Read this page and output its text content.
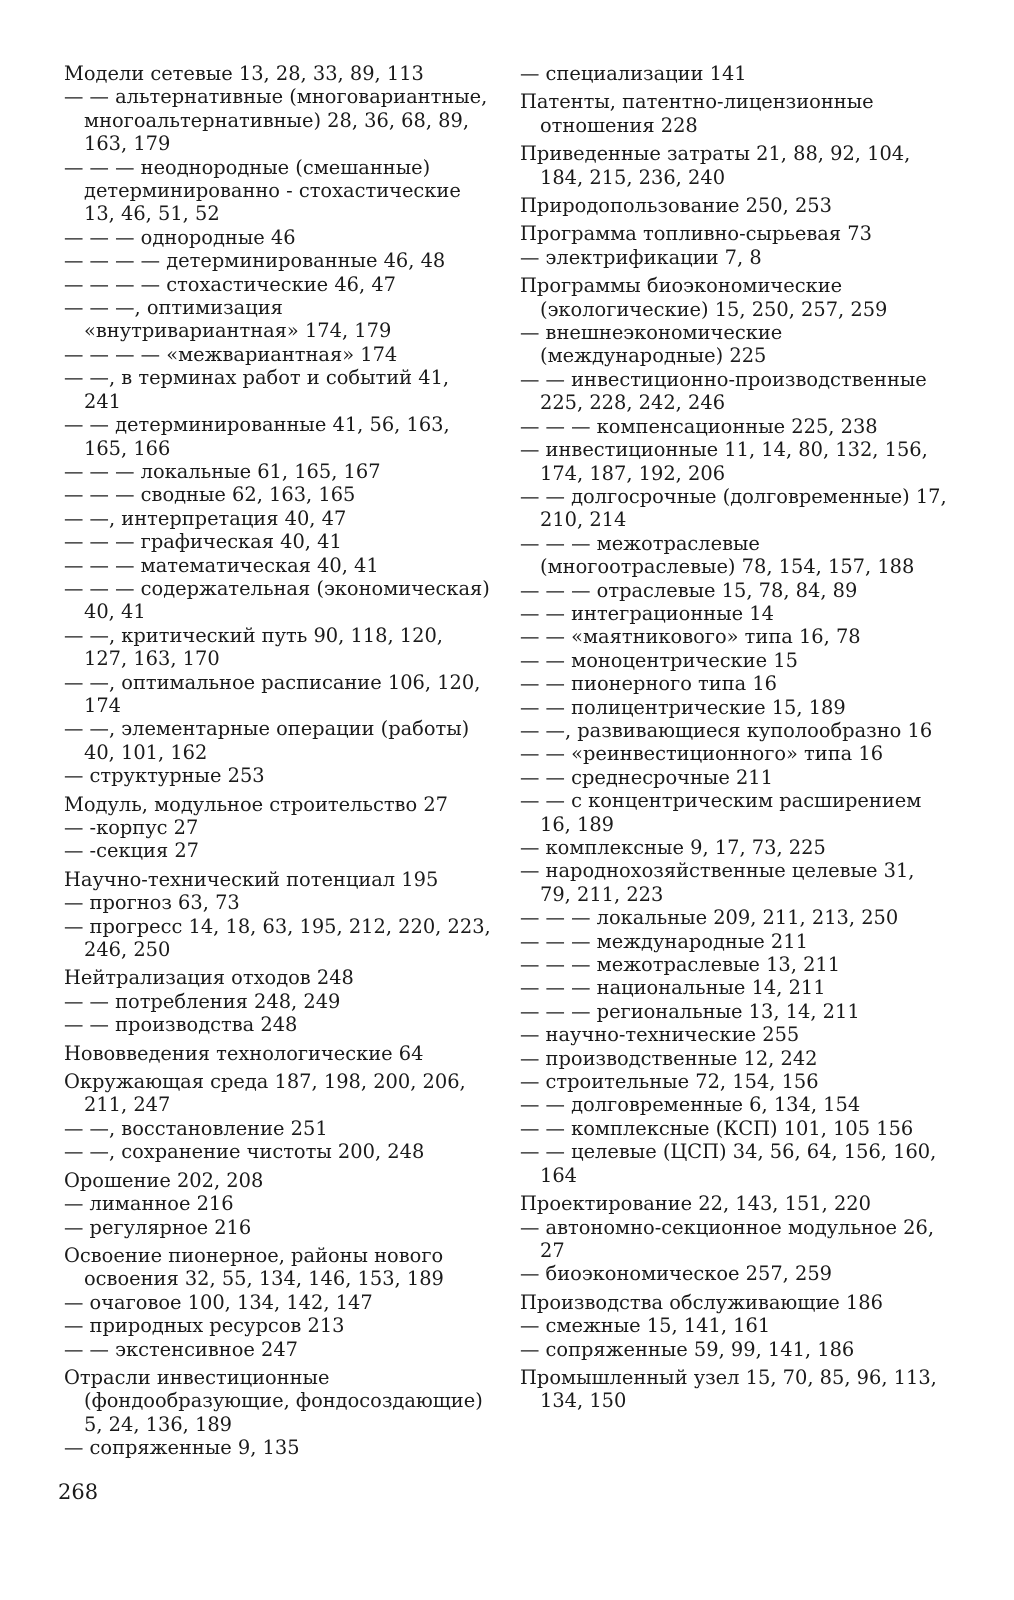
Модели сетевые 13, 28, 33, 89, 113

— — альтернативные (многовариантные, многоальтернативные) 28, 36, 68, 89, 163, 179

— — — неоднородные (смешанные) детерминированно - стохастические 13, 46, 51, 52

— — — однородные 46

— — — — детерминированные 46, 48

— — — — стохастические 46, 47

— — —, оптимизация «внутривариантная» 174, 179

— — — — «межвариантная» 174

— —, в терминах работ и событий 41, 241

— — детерминированные 41, 56, 163, 165, 166

— — — локальные 61, 165, 167

— — — сводные 62, 163, 165

— —, интерпретация 40, 47

— — — графическая 40, 41

— — — математическая 40, 41

— — — содержательная (экономическая) 40, 41

— —, критический путь 90, 118, 120, 127, 163, 170

— —, оптимальное расписание 106, 120, 174

— —, элементарные операции (работы) 40, 101, 162

— структурные 253

Модуль, модульное строительство 27

— -корпус 27

— -секция 27

Научно-технический потенциал 195

— прогноз 63, 73

— прогресс 14, 18, 63, 195, 212, 220, 223, 246, 250

Нейтрализация отходов 248

— — потребления 248, 249

— — производства 248

Нововведения технологические 64

Окружающая среда 187, 198, 200, 206, 211, 247

— —, восстановление 251

— —, сохранение чистоты 200, 248

Орошение 202, 208

— лиманное 216

— регулярное 216

Освоение пионерное, районы нового освоения 32, 55, 134, 146, 153, 189

— очаговое 100, 134, 142, 147

— природных ресурсов 213

— — экстенсивное 247

Отрасли инвестиционные (фондообразующие, фондосоздающие) 5, 24, 136, 189

— сопряженные 9, 135

— специализации 141

Патенты, патентно-лицензионные отношения 228

Приведенные затраты 21, 88, 92, 104, 184, 215, 236, 240

Природопользование 250, 253

Программа топливно-сырьевая 73

— электрификации 7, 8

Программы биоэкономические (экологические) 15, 250, 257, 259

— внешнеэкономические (международные) 225

— — инвестиционно-производственные 225, 228, 242, 246

— — — компенсационные 225, 238

— инвестиционные 11, 14, 80, 132, 156, 174, 187, 192, 206

— — долгосрочные (долговременные) 17, 210, 214

— — — межотраслевые (многоотраслевые) 78, 154, 157, 188

— — — отраслевые 15, 78, 84, 89

— — интеграционные 14

— — «маятникового» типа 16, 78

— — моноцентрические 15

— — пионерного типа 16

— — полицентрические 15, 189

— —, развивающиеся куполообразно 16

— — «реинвестиционного» типа 16

— — среднесрочные 211

— — с концентрическим расширением 16, 189

— комплексные 9, 17, 73, 225

— народнохозяйственные целевые 31, 79, 211, 223

— — — локальные 209, 211, 213, 250

— — — международные 211

— — — межотраслевые 13, 211

— — — национальные 14, 211

— — — региональные 13, 14, 211

— научно-технические 255

— производственные 12, 242

— строительные 72, 154, 156

— — долговременные 6, 134, 154

— — комплексные (КСП) 101, 105 156

— — целевые (ЦСП) 34, 56, 64, 156, 160, 164

Проектирование 22, 143, 151, 220

— автономно-секционное модульное 26, 27

— биоэкономическое 257, 259

Производства обслуживающие 186

— смежные 15, 141, 161

— сопряженные 59, 99, 141, 186

Промышленный узел 15, 70, 85, 96, 113, 134, 150

268
